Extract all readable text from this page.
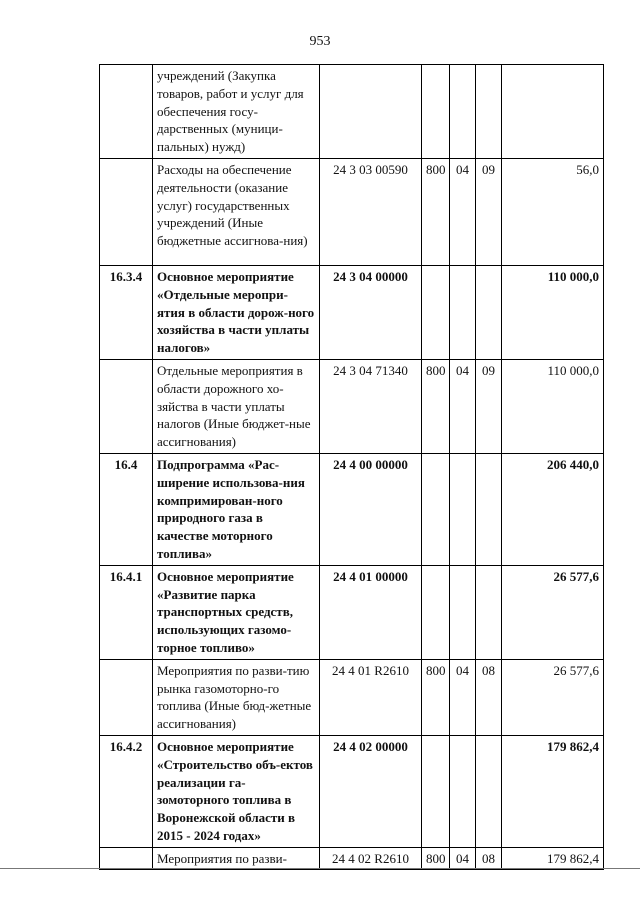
953
	учреждений (Закупка товаров, работ и услуг для обеспечения госу-дарственных (муници-пальных) нужд)					
	Расходы на обеспечение деятельности (оказание услуг) государственных учреждений (Иные бюджетные ассигнова-ния)	24 3 03 00590	800	04	09	56,0
16.3.4	Основное мероприятие «Отдельные меропри-ятия в области дорож-ного хозяйства в части уплаты налогов»	24 3 04 00000				110 000,0
	Отдельные мероприятия в области дорожного хо-зяйства в части уплаты налогов (Иные бюджет-ные ассигнования)	24 3 04 71340	800	04	09	110 000,0
16.4	Подпрограмма «Рас-ширение использова-ния компримирован-ного природного газа в качестве моторного топлива»	24 4 00 00000				206 440,0
16.4.1	Основное мероприятие «Развитие парка транспортных средств, использующих газомо-торное топливо»	24 4 01 00000				26 577,6
	Мероприятия по разви-тию рынка газомоторно-го топлива (Иные бюд-жетные ассигнования)	24 4 01 R2610	800	04	08	26 577,6
16.4.2	Основное мероприятие «Строительство объ-ектов реализации га-зомоторного топлива в Воронежской области в 2015 - 2024 годах»	24 4 02 00000				179 862,4
	Мероприятия по разви-	24 4 02 R2610	800	04	08	179 862,4
